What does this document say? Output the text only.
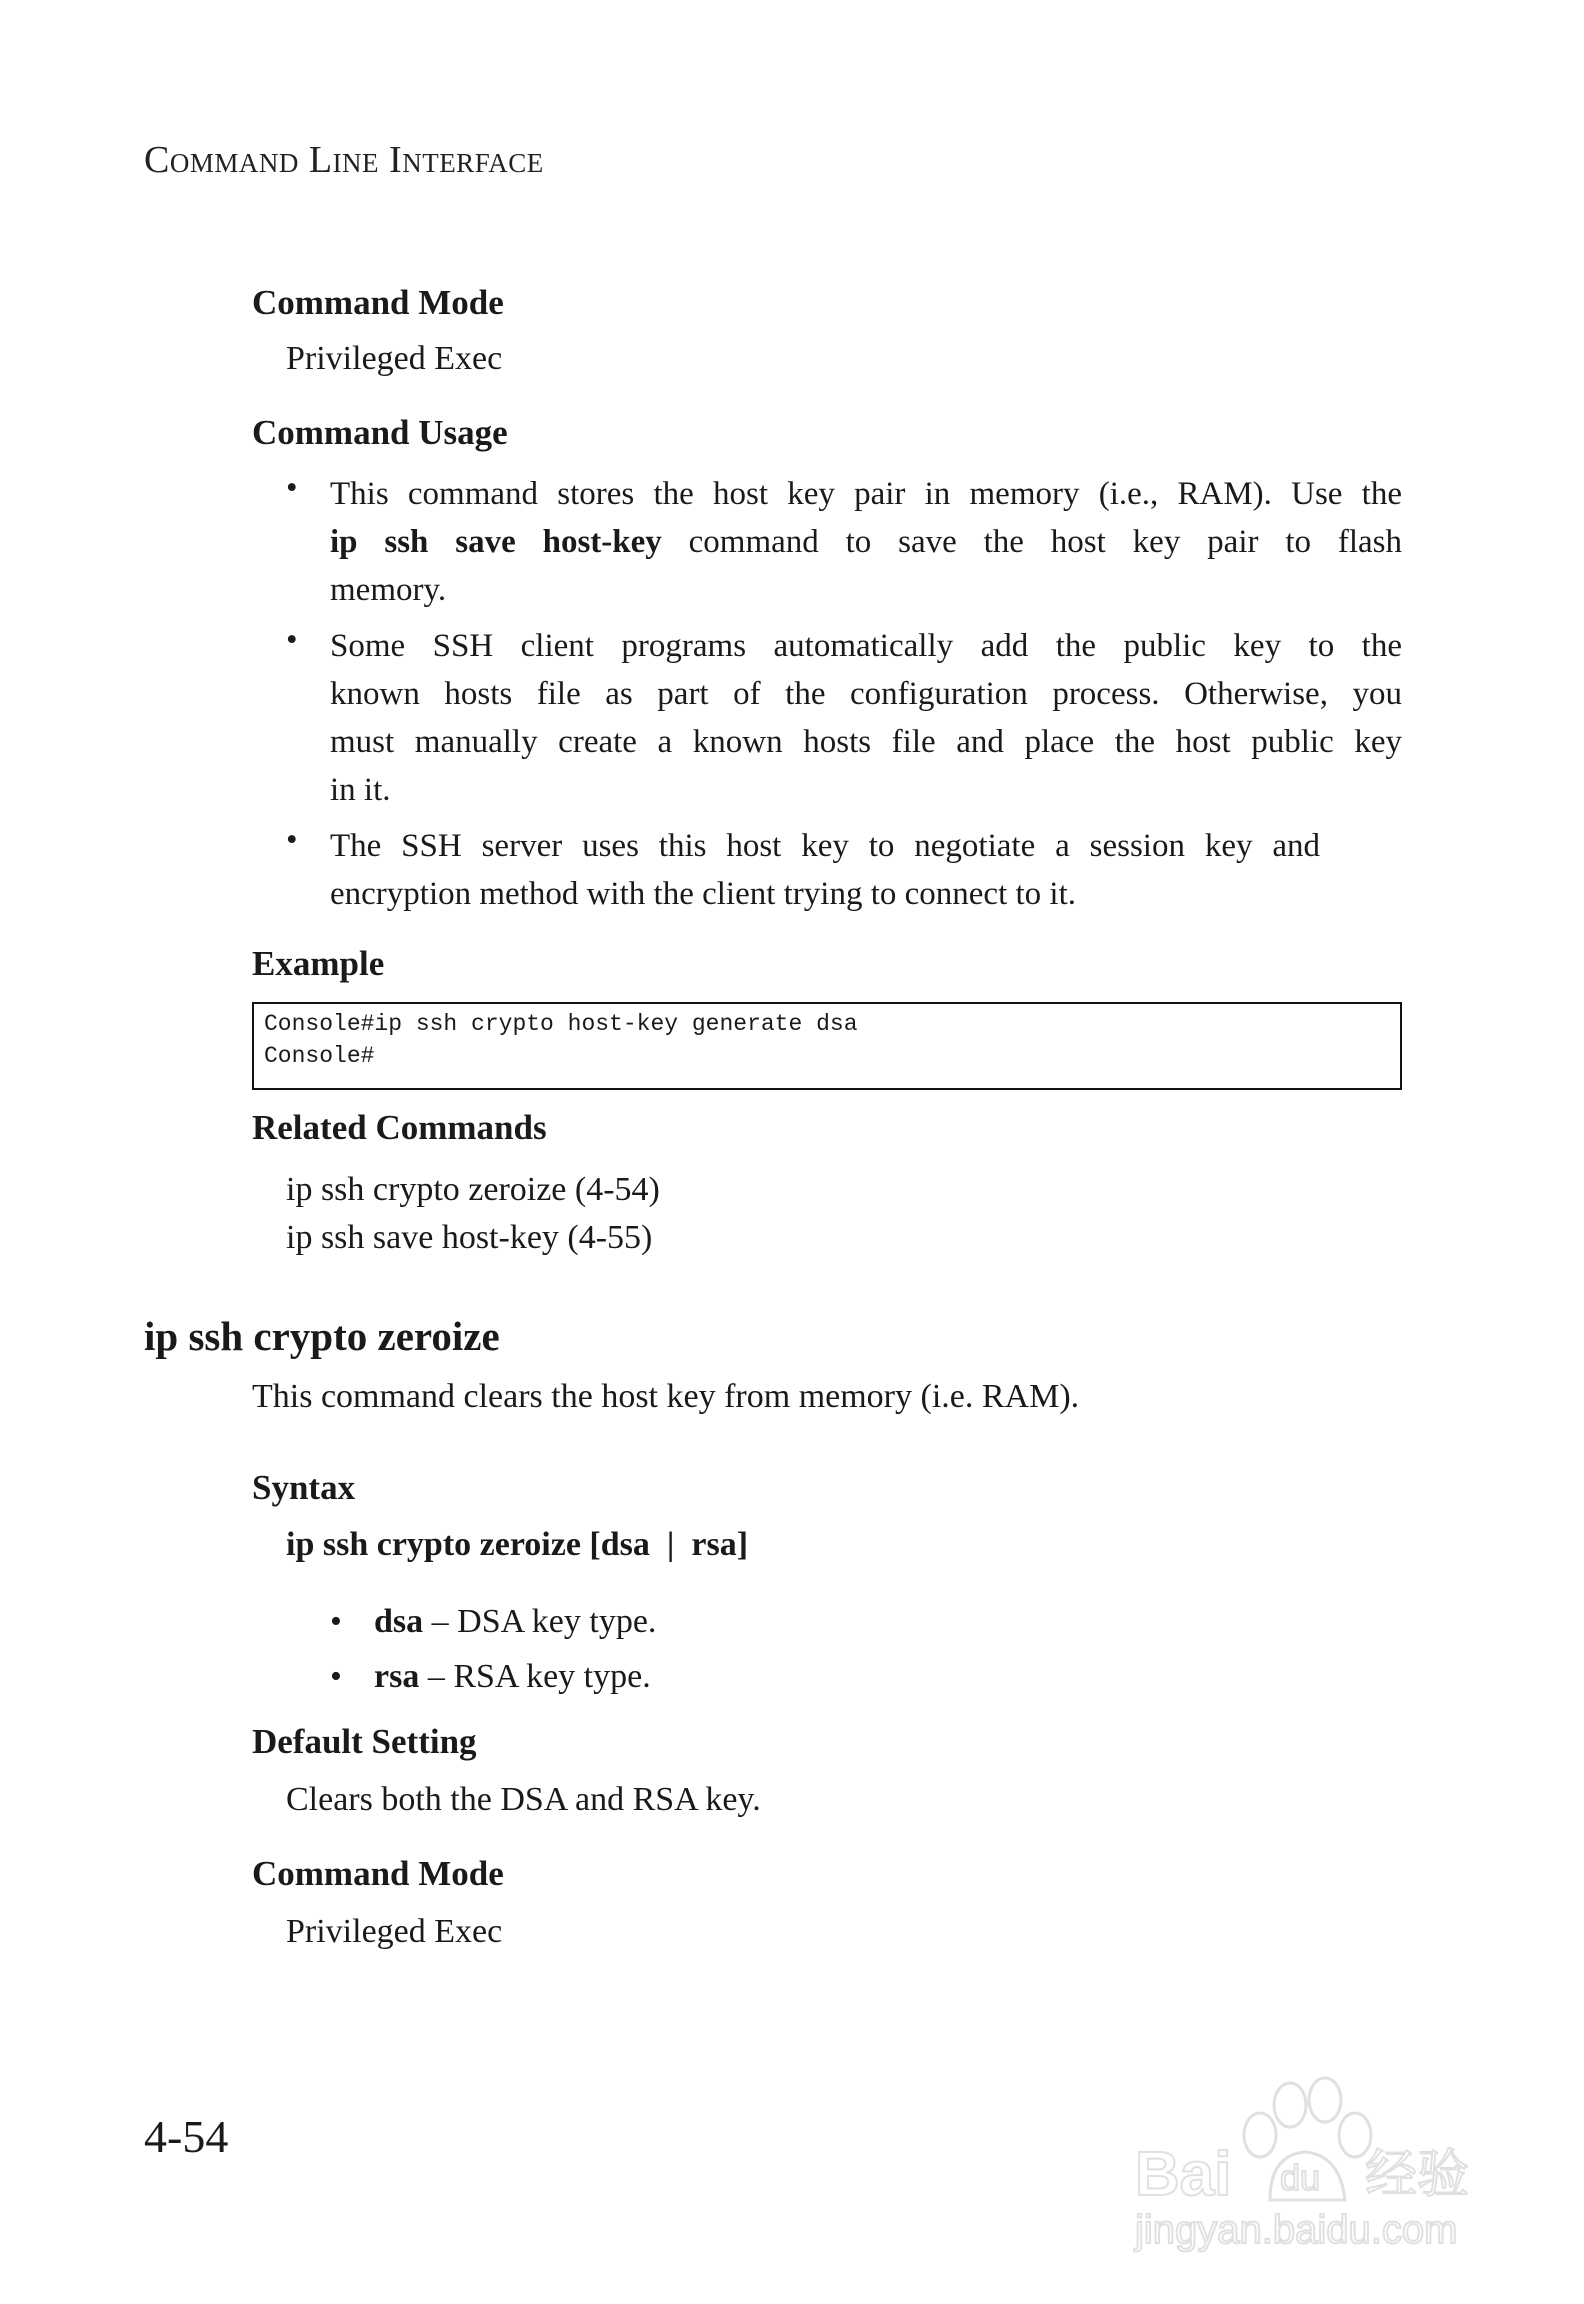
Command Line Interface
Command Mode
Privileged Exec
Command Usage
• This command stores the host key pair in memory (i.e., RAM). Use the
ip ssh save host-key command to save the host key pair to flash
memory.
• Some SSH client programs automatically add the public key to the
known hosts file as part of the configuration process. Otherwise, you
must manually create a known hosts file and place the host public key
in it.
• The SSH server uses this host key to negotiate a session key and
encryption method with the client trying to connect to it.
Example
Console#ip ssh crypto host-key generate dsa
Console#
Related Commands
ip ssh crypto zeroize (4-54)
ip ssh save host-key (4-55)
ip ssh crypto zeroize
This command clears the host key from memory (i.e. RAM).
Syntax
ip ssh crypto zeroize [dsa  |  rsa]
• dsa – DSA key type.
• rsa – RSA key type.
Default Setting
Clears both the DSA and RSA key.
Command Mode
Privileged Exec
4-54
Bai du 经验
jingyan.baidu.com
